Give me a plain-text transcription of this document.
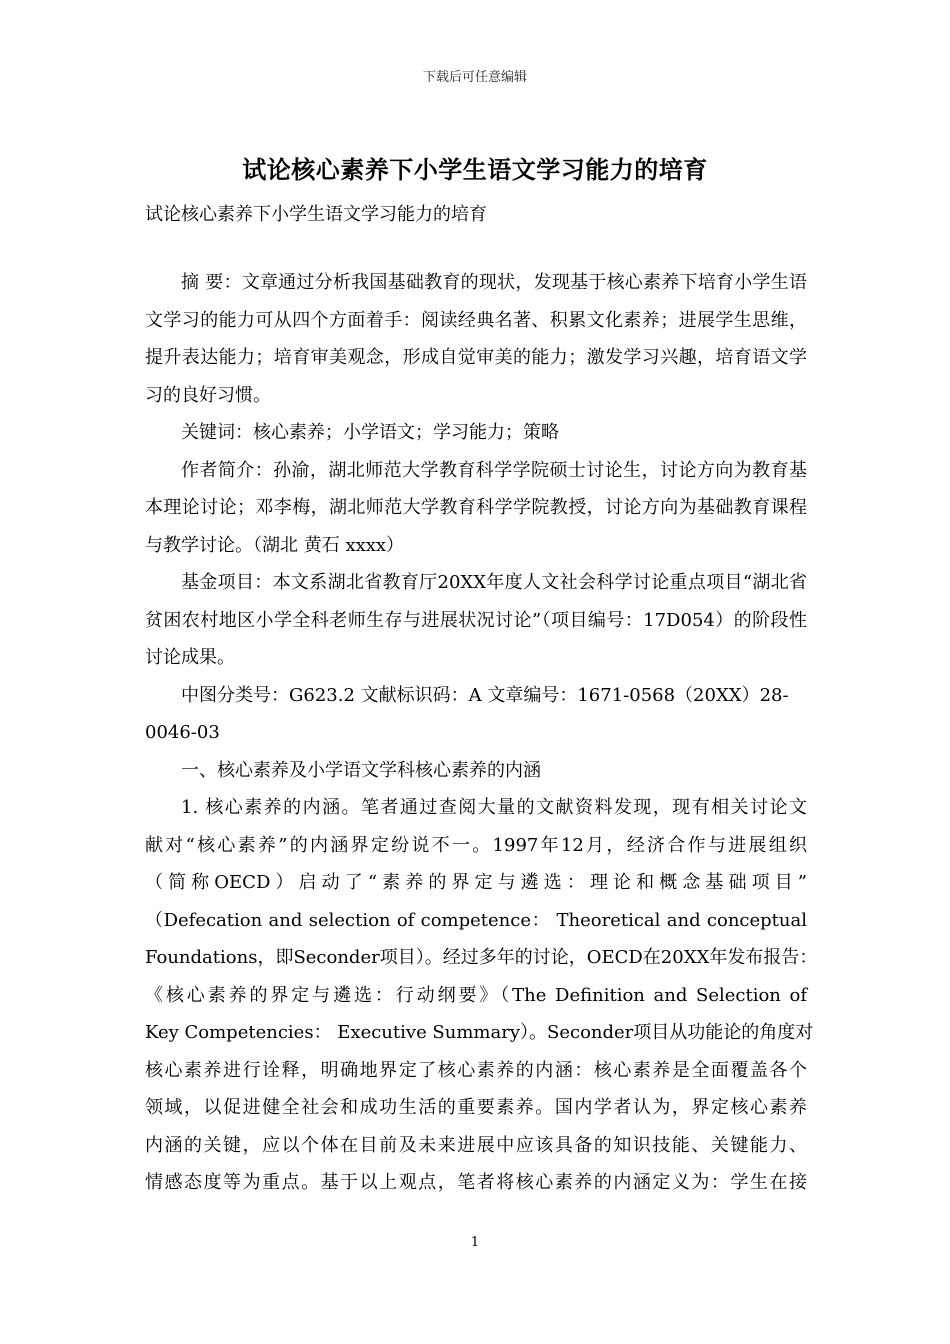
下载后可任意编辑
试论核心素养下小学生语文学习能力的培育
试论核心素养下小学生语文学习能力的培育

摘 要：文章通过分析我国基础教育的现状，发现基于核心素养下培育小学生语文学习的能力可从四个方面着手：阅读经典名著、积累文化素养；进展学生思维，提升表达能力；培育审美观念，形成自觉审美的能力；激发学习兴趣，培育语文学习的良好习惯。

关键词：核心素养；小学语文；学习能力；策略

作者简介：孙渝，湖北师范大学教育科学学院硕士讨论生，讨论方向为教育基本理论讨论；邓李梅，湖北师范大学教育科学学院教授，讨论方向为基础教育课程与教学讨论。（湖北 黄石 xxxx）

基金项目：本文系湖北省教育厅20XX年度人文社会科学讨论重点项目“湖北省贫困农村地区小学全科老师生存与进展状况讨论”（项目编号：17D054）的阶段性讨论成果。

中图分类号：G623.2 文献标识码：A 文章编号：1671-0568（20XX）28-
0046-03

一、核心素养及小学语文学科核心素养的内涵

1. 核心素养的内涵。笔者通过查阅大量的文献资料发现，现有相关讨论文
献对“核心素养”的内涵界定纷说不一。1997年12月，经济合作与进展组织
（简称OECD）启动了“素养的界定与遴选：理论和概念基础项目”
（Defecation and selection of competence： Theoretical and conceptual
Foundations，即Seconder项目）。经过多年的讨论，OECD在20XX年发布报告：
《核心素养的界定与遴选：行动纲要》（The Definition and Selection of
Key Competencies： Executive Summary）。Seconder项目从功能论的角度对
核心素养进行诠释，明确地界定了核心素养的内涵：核心素养是全面覆盖各个
领域，以促进健全社会和成功生活的重要素养。国内学者认为，界定核心素养
内涵的关键，应以个体在目前及未来进展中应该具备的知识技能、关键能力、
情感态度等为重点。基于以上观点，笔者将核心素养的内涵定义为：学生在接
1
